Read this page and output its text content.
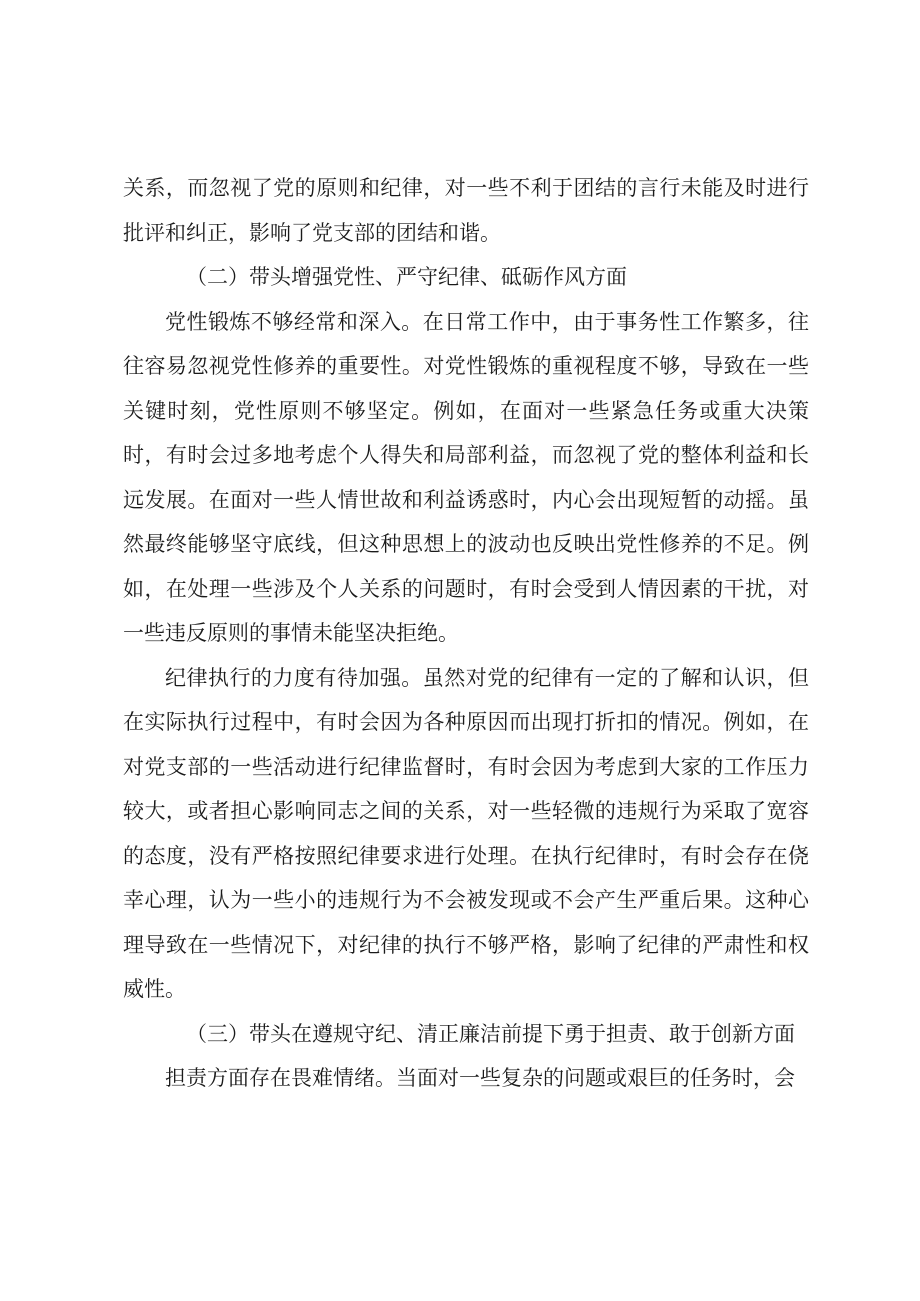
关系，而忽视了党的原则和纪律，对一些不利于团结的言行未能及时进行批评和纠正，影响了党支部的团结和谐。

（二）带头增强党性、严守纪律、砥砺作风方面

党性锻炼不够经常和深入。在日常工作中，由于事务性工作繁多，往往容易忽视党性修养的重要性。对党性锻炼的重视程度不够，导致在一些关键时刻，党性原则不够坚定。例如，在面对一些紧急任务或重大决策时，有时会过多地考虑个人得失和局部利益，而忽视了党的整体利益和长远发展。在面对一些人情世故和利益诱惑时，内心会出现短暂的动摇。虽然最终能够坚守底线，但这种思想上的波动也反映出党性修养的不足。例如，在处理一些涉及个人关系的问题时，有时会受到人情因素的干扰，对一些违反原则的事情未能坚决拒绝。

纪律执行的力度有待加强。虽然对党的纪律有一定的了解和认识，但在实际执行过程中，有时会因为各种原因而出现打折扣的情况。例如，在对党支部的一些活动进行纪律监督时，有时会因为考虑到大家的工作压力较大，或者担心影响同志之间的关系，对一些轻微的违规行为采取了宽容的态度，没有严格按照纪律要求进行处理。在执行纪律时，有时会存在侥幸心理，认为一些小的违规行为不会被发现或不会产生严重后果。这种心理导致在一些情况下，对纪律的执行不够严格，影响了纪律的严肃性和权威性。

（三）带头在遵规守纪、清正廉洁前提下勇于担责、敢于创新方面

担责方面存在畏难情绪。当面对一些复杂的问题或艰巨的任务时，会
